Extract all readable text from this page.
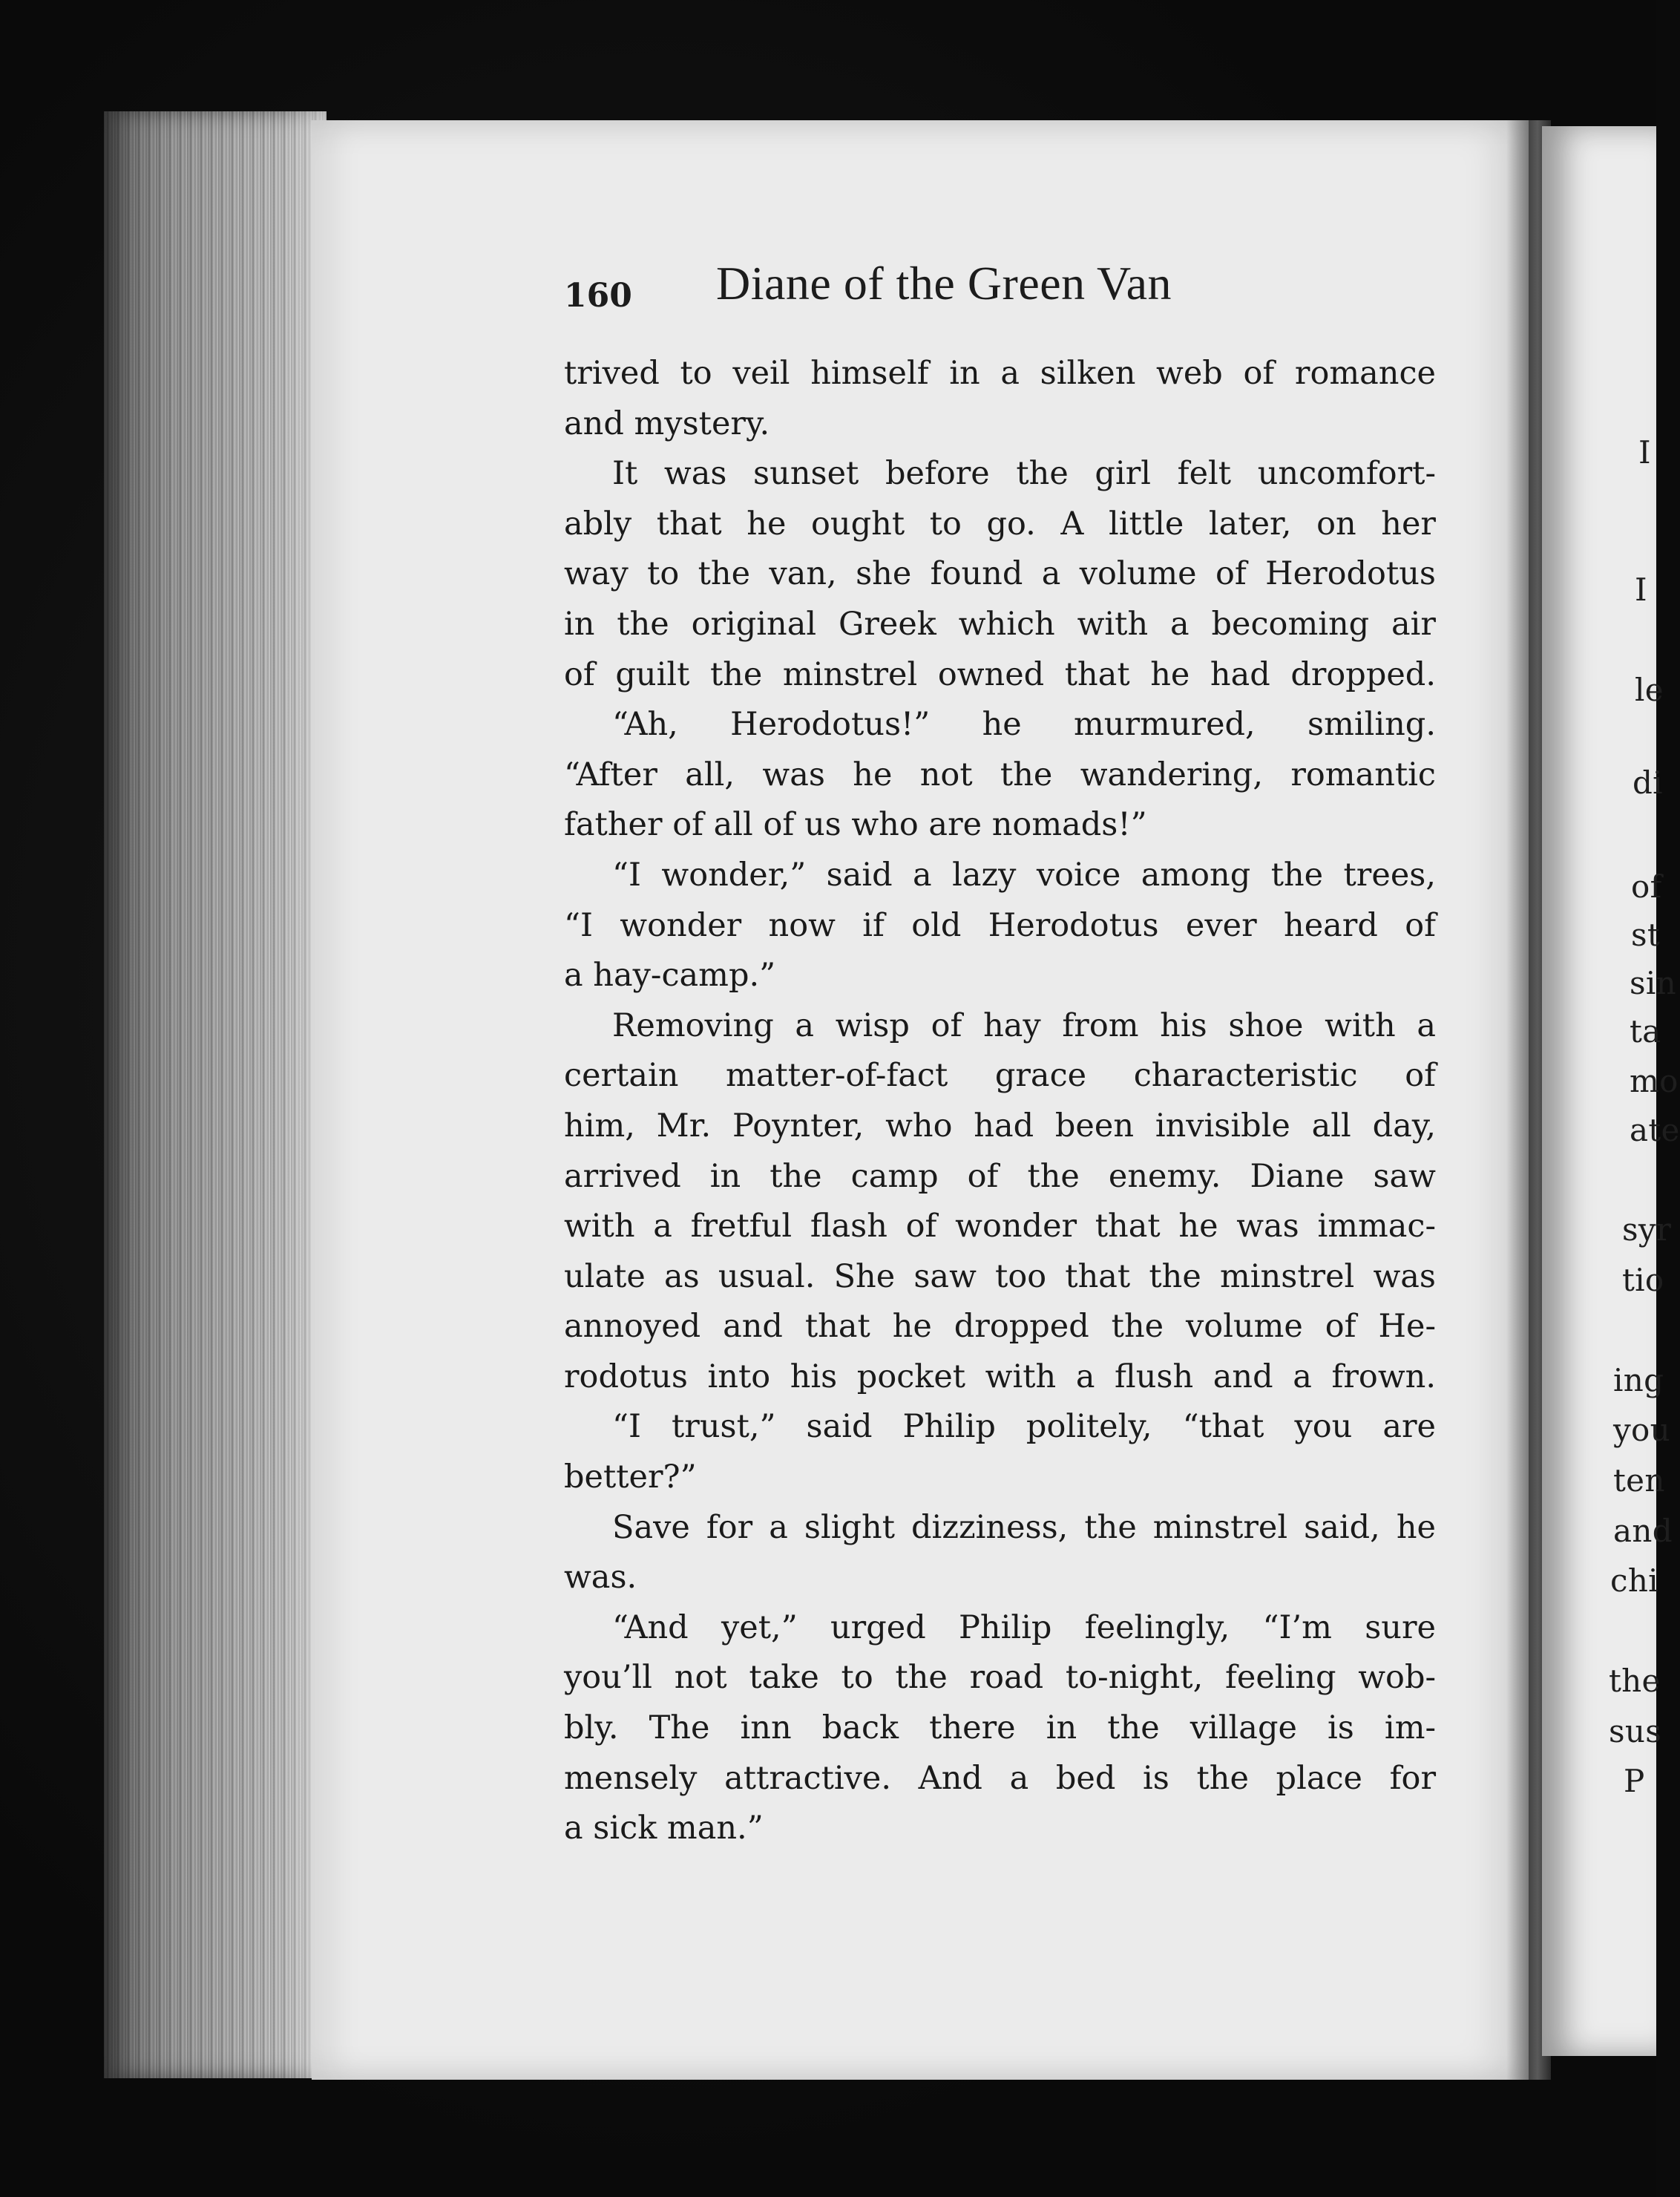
I
I
le
di
of
st
sin
ta
mo
ate
syr
tio
ing
you
ten
and
chi
the
sus
P
160 Diane of the Green Van
trived to veil himself in a silken web of romance
and mystery.
It was sunset before the girl felt uncomfort-
ably that he ought to go. A little later, on her
way to the van, she found a volume of Herodotus
in the original Greek which with a becoming air
of guilt the minstrel owned that he had dropped.
“Ah, Herodotus!” he murmured, smiling.
“After all, was he not the wandering, romantic
father of all of us who are nomads!”
“I wonder,” said a lazy voice among the trees,
“I wonder now if old Herodotus ever heard of
a hay-camp.”
Removing a wisp of hay from his shoe with a
certain matter-of-fact grace characteristic of
him, Mr. Poynter, who had been invisible all day,
arrived in the camp of the enemy. Diane saw
with a fretful flash of wonder that he was immac-
ulate as usual. She saw too that the minstrel was
annoyed and that he dropped the volume of He-
rodotus into his pocket with a flush and a frown.
“I trust,” said Philip politely, “that you are
better?”
Save for a slight dizziness, the minstrel said, he
was.
“And yet,” urged Philip feelingly, “I’m sure
you’ll not take to the road to-night, feeling wob-
bly. The inn back there in the village is im-
mensely attractive. And a bed is the place for
a sick man.”
